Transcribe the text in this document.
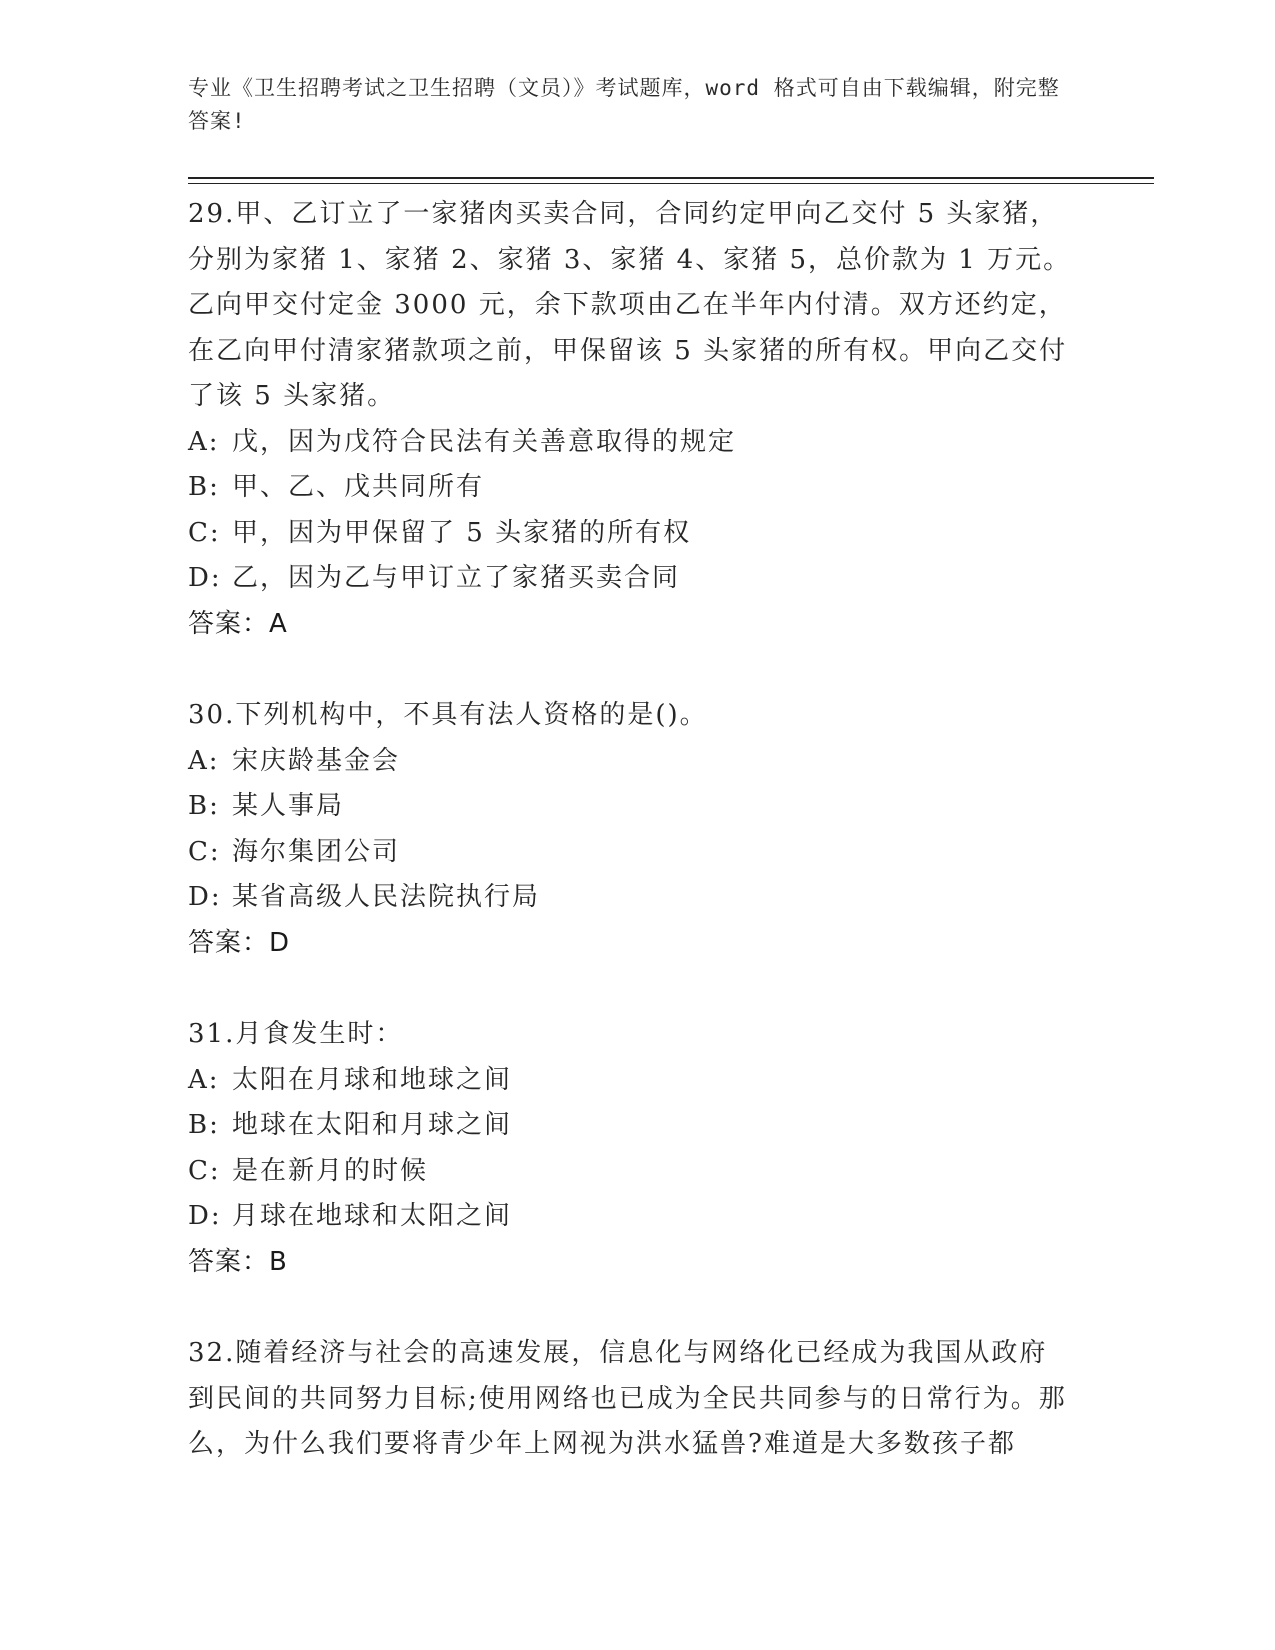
专业《卫生招聘考试之卫生招聘（文员）》考试题库，word 格式可自由下载编辑，附完整答案!

29.甲、乙订立了一家猪肉买卖合同，合同约定甲向乙交付 5 头家猪，分别为家猪 1、家猪 2、家猪 3、家猪 4、家猪 5，总价款为 1 万元。乙向甲交付定金 3000 元，余下款项由乙在半年内付清。双方还约定，在乙向甲付清家猪款项之前，甲保留该 5 头家猪的所有权。甲向乙交付了该 5 头家猪。

A: 戊，因为戊符合民法有关善意取得的规定

B: 甲、乙、戊共同所有

C: 甲，因为甲保留了 5 头家猪的所有权

D: 乙，因为乙与甲订立了家猪买卖合同

答案：A

30.下列机构中，不具有法人资格的是()。

A: 宋庆龄基金会

B: 某人事局

C: 海尔集团公司

D: 某省高级人民法院执行局

答案：D

31.月食发生时：

A: 太阳在月球和地球之间

B: 地球在太阳和月球之间

C: 是在新月的时候

D: 月球在地球和太阳之间

答案：B

32.随着经济与社会的高速发展，信息化与网络化已经成为我国从政府到民间的共同努力目标;使用网络也已成为全民共同参与的日常行为。那么，为什么我们要将青少年上网视为洪水猛兽?难道是大多数孩子都
